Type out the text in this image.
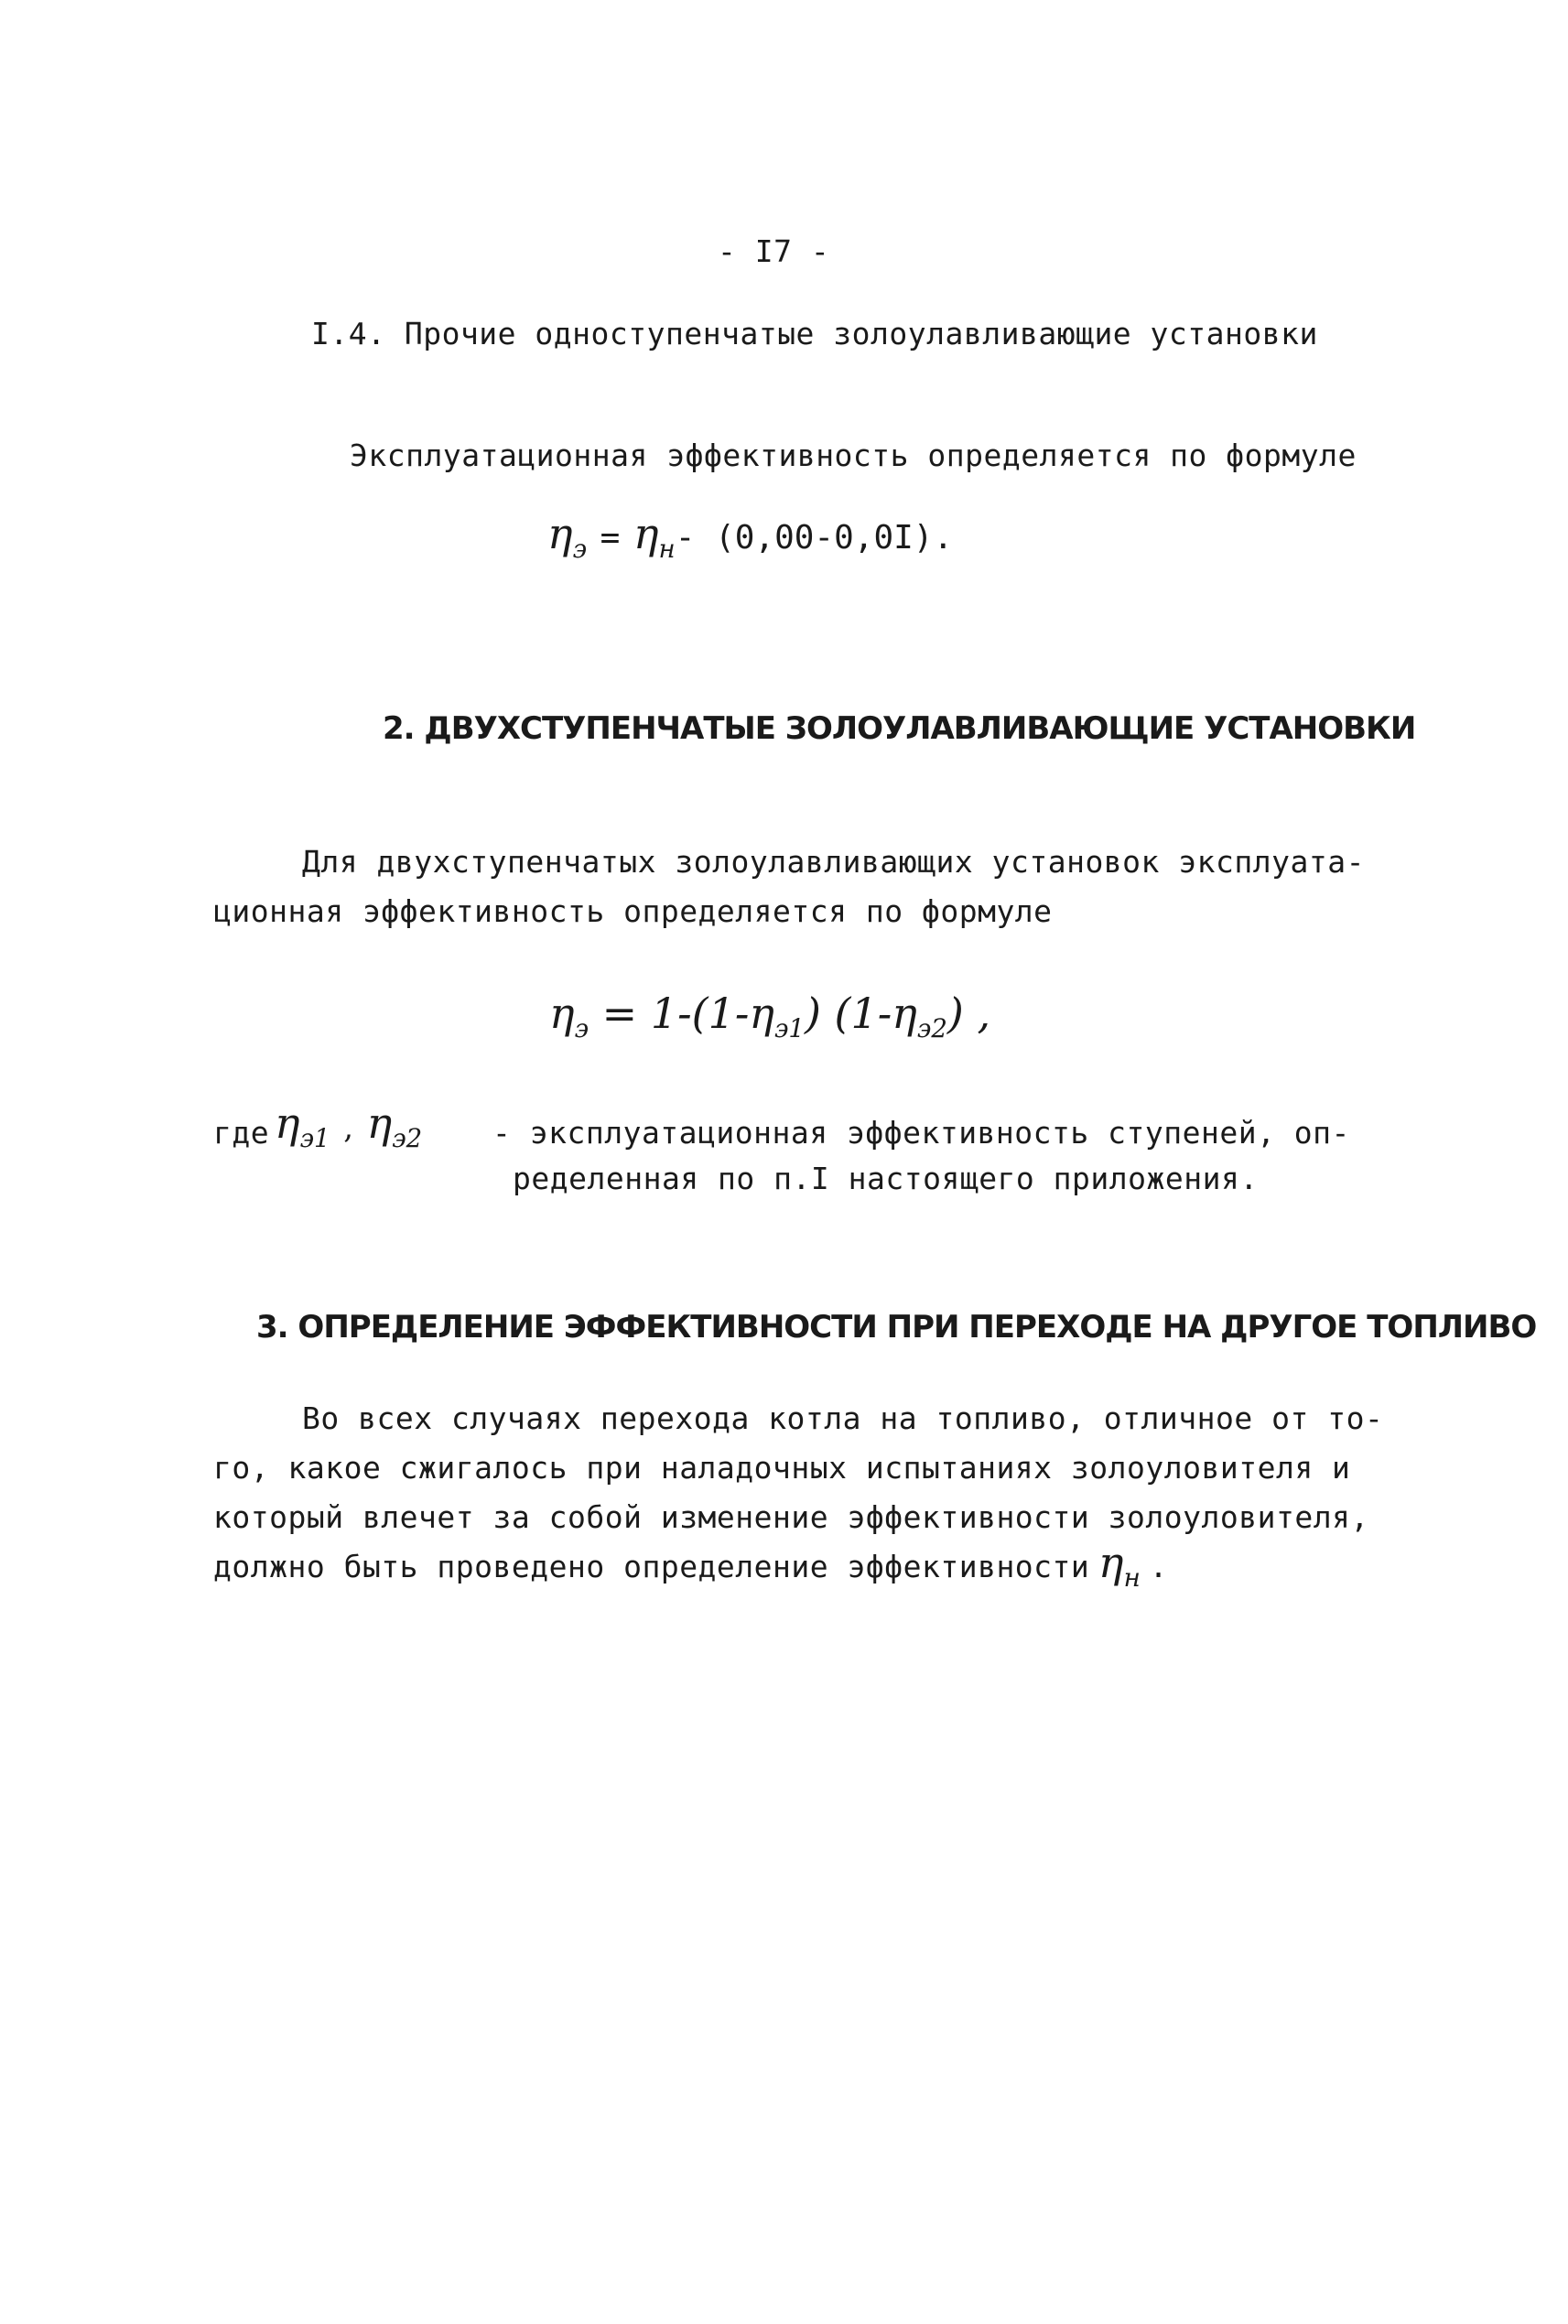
- I7 -
I.4. Прочие одноступенчатые золоулавливающие установки
Эксплуатационная эффективность определяется по формуле
$\eta_э = \eta_н-$ (0,00-0,0I).
2. ДВУХСТУПЕНЧАТЫЕ ЗОЛОУЛАВЛИВАЮЩИЕ УСТАНОВКИ
Для двухступенчатых золоулавливающих установок эксплуата-
ционная эффективность определяется по формуле
$\eta_э = 1-(1-\eta_{э1})$ $(1-\eta_{э2})$ ,
где $\eta_{э1}$ , $\eta_{э2}$ - эксплуатационная эффективность ступеней, оп-
ределенная по п.I настоящего приложения.
3. ОПРЕДЕЛЕНИЕ ЭФФЕКТИВНОСТИ ПРИ ПЕРЕХОДЕ НА ДРУГОЕ ТОПЛИВО
Во всех случаях перехода котла на топливо, отличное от то-
го, какое сжигалось при наладочных испытаниях золоуловителя и
который влечет за собой изменение эффективности золоуловителя,
должно быть проведено определение эффективности ηн .
